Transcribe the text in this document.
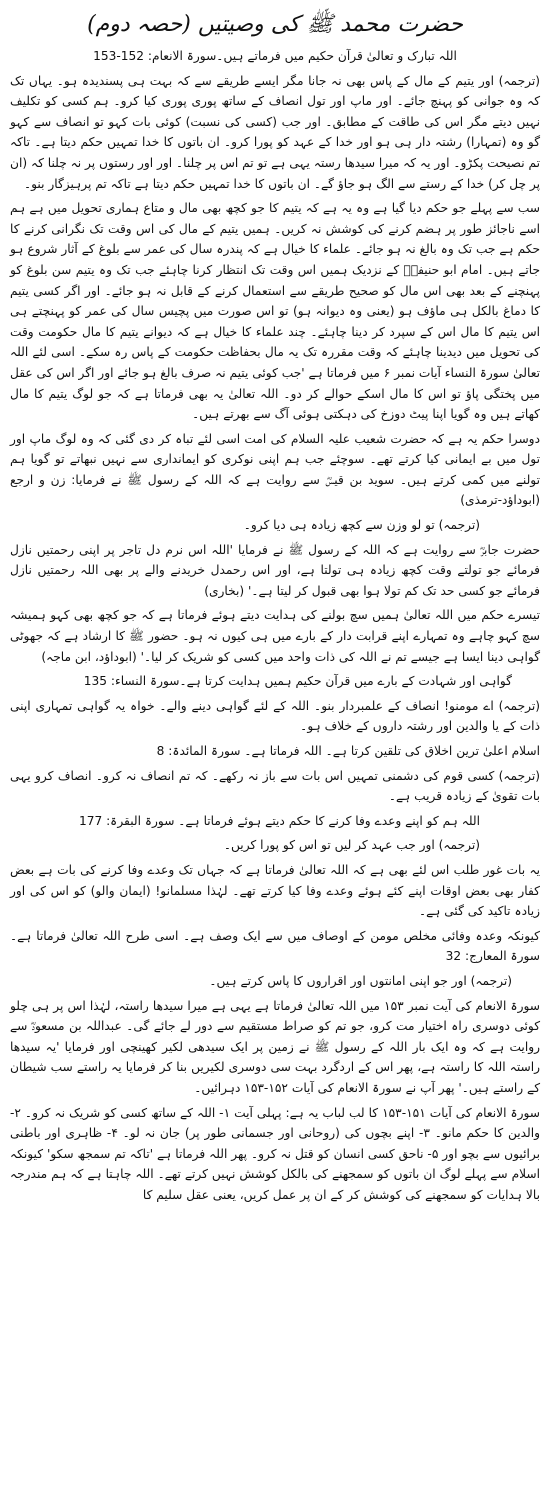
حضرت محمد ﷺ کی وصیتیں (حصہ دوم)

اللہ تبارک و تعالیٰ قرآن حکیم میں فرماتے ہیں۔سورۃ الانعام: 152-153

(ترجمہ) اور یتیم کے مال کے پاس بھی نہ جانا مگر ایسے طریقے سے کہ بہت ہی پسندیدہ ہو۔ یہاں تک کہ وہ جوانی کو پہنچ جائے۔ اور ماپ اور تول انصاف کے ساتھ پوری پوری کیا کرو۔ ہم کسی کو تکلیف نہیں دیتے مگر اس کی طاقت کے مطابق۔ اور جب (کسی کی نسبت) کوئی بات کہو تو انصاف سے کہو گو وہ (تمہارا) رشتہ دار ہی ہو اور خدا کے عہد کو پورا کرو۔ ان باتوں کا خدا تمہیں حکم دیتا ہے۔ تاکہ تم نصیحت پکڑو۔ اور یہ کہ میرا سیدھا رستہ یہی ہے تو تم اس پر چلنا۔ اور اور رستوں پر نہ چلنا کہ (ان پر چل کر) خدا کے رستے سے الگ ہو جاؤ گے۔ ان باتوں کا خدا تمہیں حکم دیتا ہے تاکہ تم پرہیزگار بنو۔

سب سے پہلے جو حکم دیا گیا ہے وہ یہ ہے کہ یتیم کا جو کچھ بھی مال و متاع ہماری تحویل میں ہے ہم اسے ناجائز طور پر ہضم کرنے کی کوشش نہ کریں۔ ہمیں یتیم کے مال کی اس وقت تک نگرانی کرنے کا حکم ہے جب تک وہ بالغ نہ ہو جائے۔ علماء کا خیال ہے کہ پندرہ سال کی عمر سے بلوغ کے آثار شروع ہو جاتے ہیں۔ امام ابو حنیفہؒ کے نزدیک ہمیں اس وقت تک انتظار کرنا چاہئے جب تک وہ یتیم سن بلوغ کو پہنچنے کے بعد بھی اس مال کو صحیح طریقے سے استعمال کرنے کے قابل نہ ہو جائے۔ اور اگر کسی یتیم کا دماغ بالکل ہی ماؤف ہو (یعنی وہ دیوانہ ہو) تو اس صورت میں پچیس سال کی عمر کو پہنچتے ہی اس یتیم کا مال اس کے سپرد کر دینا چاہئے۔ چند علماء کا خیال ہے کہ دیوانے یتیم کا مال حکومت وقت کی تحویل میں دیدینا چاہئے کہ وقت مقررہ تک یہ مال بحفاظت حکومت کے پاس رہ سکے۔ اسی لئے اللہ تعالیٰ سورۃ النساء آیات نمبر ۶ میں فرماتا ہے 'جب کوئی یتیم نہ صرف بالغ ہو جائے اور اگر اس کی عقل میں پختگی پاؤ تو اس کا مال اسکے حوالے کر دو۔ اللہ تعالیٰ یہ بھی فرماتا ہے کہ جو لوگ یتیم کا مال کھاتے ہیں وہ گویا اپنا پیٹ دوزخ کی دہکتی ہوئی آگ سے بھرتے ہیں۔

دوسرا حکم یہ ہے کہ حضرت شعیب علیہ السلام کی امت اسی لئے تباہ کر دی گئی کہ وہ لوگ ماپ اور تول میں بے ایمانی کیا کرتے تھے۔ سوچئے جب ہم اپنی نوکری کو ایمانداری سے نہیں نبھاتے تو گویا ہم تولنے میں کمی کرتے ہیں۔ سوید بن قیسؓ سے روایت ہے کہ اللہ کے رسول ﷺ نے فرمایا: زن و ارجع (ابوداؤد-ترمذی)

(ترجمہ) تو لو وزن سے کچھ زیادہ ہی دیا کرو۔

حضرت جابرؓ سے روایت ہے کہ اللہ کے رسول ﷺ نے فرمایا 'اللہ اس نرم دل تاجر پر اپنی رحمتیں نازل فرمائے جو تولتے وقت کچھ زیادہ ہی تولتا ہے، اور اس رحمدل خریدنے والے پر بھی اللہ رحمتیں نازل فرمائے جو کسی حد تک کم تولا ہوا بھی قبول کر لیتا ہے۔' (بخاری)

تیسرے حکم میں اللہ تعالیٰ ہمیں سچ بولنے کی ہدایت دیتے ہوئے فرماتا ہے کہ جو کچھ بھی کہو ہمیشہ سچ کہو چاہے وہ تمہارے اپنے قرابت دار کے بارے میں ہی کیوں نہ ہو۔ حضور ﷺ کا ارشاد ہے کہ جھوٹی گواہی دینا ایسا ہے جیسے تم نے اللہ کی ذات واحد میں کسی کو شریک کر لیا۔' (ابوداؤد، ابن ماجہ)

گواہی اور شہادت کے بارے میں قرآن حکیم ہمیں ہدایت کرتا ہے۔سورۃ النساء: 135

(ترجمہ) اے مومنو! انصاف کے علمبردار بنو۔ اللہ کے لئے گواہی دینے والے۔ خواہ یہ گواہی تمہاری اپنی ذات کے یا والدین اور رشتہ داروں کے خلاف ہو۔

اسلام اعلیٰ ترین اخلاق کی تلقین کرتا ہے۔ اللہ فرماتا ہے۔ سورۃ المائدۃ: 8

(ترجمہ) کسی قوم کی دشمنی تمہیں اس بات سے باز نہ رکھے۔ کہ تم انصاف نہ کرو۔ انصاف کرو یہی بات تقویٰ کے زیادہ قریب ہے۔

اللہ ہم کو اپنے وعدے وفا کرنے کا حکم دیتے ہوئے فرماتا ہے۔ سورۃ البقرۃ: 177

(ترجمہ) اور جب عہد کر لیں تو اس کو پورا کریں۔

یہ بات غور طلب اس لئے بھی ہے کہ اللہ تعالیٰ فرماتا ہے کہ جہاں تک وعدے وفا کرنے کی بات ہے بعض کفار بھی بعض اوقات اپنے کئے ہوئے وعدے وفا کیا کرتے تھے۔ لہٰذا مسلمانو! (ایمان والو) کو اس کی اور زیادہ تاکید کی گئی ہے۔

کیونکہ وعدہ وفائی مخلص مومن کے اوصاف میں سے ایک وصف ہے۔ اسی طرح اللہ تعالیٰ فرماتا ہے۔ سورۃ المعارج: 32

(ترجمہ) اور جو اپنی امانتوں اور اقراروں کا پاس کرتے ہیں۔

سورۃ الانعام کی آیت نمبر ۱۵۳ میں اللہ تعالیٰ فرماتا ہے یہی ہے میرا سیدھا راستہ، لہٰذا اس پر ہی چلو کوئی دوسری راہ اختیار مت کرو، جو تم کو صراط مستقیم سے دور لے جائے گی۔ عبداللہ بن مسعودؓ سے روایت ہے کہ وہ ایک بار اللہ کے رسول ﷺ نے زمین پر ایک سیدھی لکیر کھینچی اور فرمایا 'یہ سیدھا راستہ اللہ کا راستہ ہے، پھر اس کے اردگرد بہت سی دوسری لکیریں بنا کر فرمایا یہ راستے سب شیطان کے راستے ہیں۔' پھر آپ نے سورۃ الانعام کی آیات ۱۵۲-۱۵۳ دہرائیں۔

سورۃ الانعام کی آیات ۱۵۱-۱۵۳ کا لب لباب یہ ہے: پہلی آیت ۱- اللہ کے ساتھ کسی کو شریک نہ کرو۔ ۲- والدین کا حکم مانو۔ ۳- اپنے بچوں کی (روحانی اور جسمانی طور پر) جان نہ لو۔ ۴- ظاہری اور باطنی برائیوں سے بچو اور ۵- ناحق کسی انسان کو قتل نہ کرو۔ پھر اللہ فرماتا ہے 'تاکہ تم سمجھ سکو' کیونکہ اسلام سے پہلے لوگ ان باتوں کو سمجھنے کی بالکل کوشش نہیں کرتے تھے۔ اللہ چاہتا ہے کہ ہم مندرجہ بالا ہدایات کو سمجھنے کی کوشش کر کے ان پر عمل کریں، یعنی عقل سلیم کا
